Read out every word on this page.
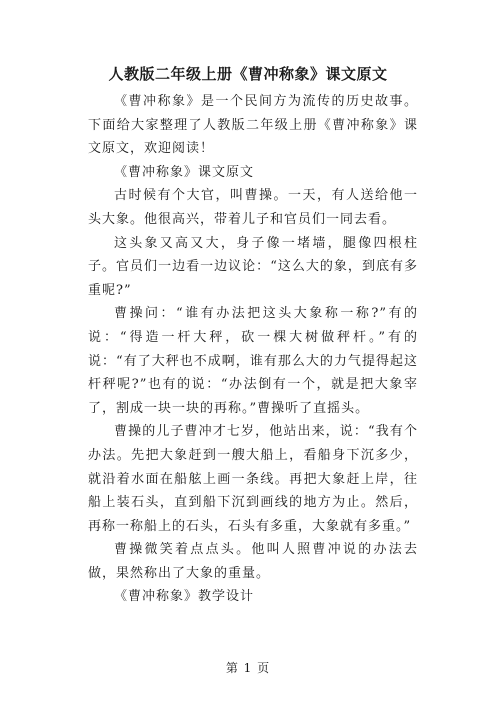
人教版二年级上册《曹冲称象》课文原文

《曹冲称象》是一个民间方为流传的历史故事。下面给大家整理了人教版二年级上册《曹冲称象》课文原文，欢迎阅读！

《曹冲称象》课文原文

古时候有个大官，叫曹操。一天，有人送给他一头大象。他很高兴，带着儿子和官员们一同去看。

这头象又高又大，身子像一堵墙，腿像四根柱子。官员们一边看一边议论：“这么大的象，到底有多重呢?”

曹操问：“谁有办法把这头大象称一称?”有的说：“得造一杆大秤，砍一棵大树做秤杆。”有的说：“有了大秤也不成啊，谁有那么大的力气提得起这杆秤呢?”也有的说：“办法倒有一个，就是把大象宰了，割成一块一块的再称。”曹操听了直摇头。

曹操的儿子曹冲才七岁，他站出来，说：“我有个办法。先把大象赶到一艘大船上，看船身下沉多少，就沿着水面在船舷上画一条线。再把大象赶上岸，往船上装石头，直到船下沉到画线的地方为止。然后，再称一称船上的石头，石头有多重，大象就有多重。”

曹操微笑着点点头。他叫人照曹冲说的办法去做，果然称出了大象的重量。

《曹冲称象》教学设计

第 1 页
